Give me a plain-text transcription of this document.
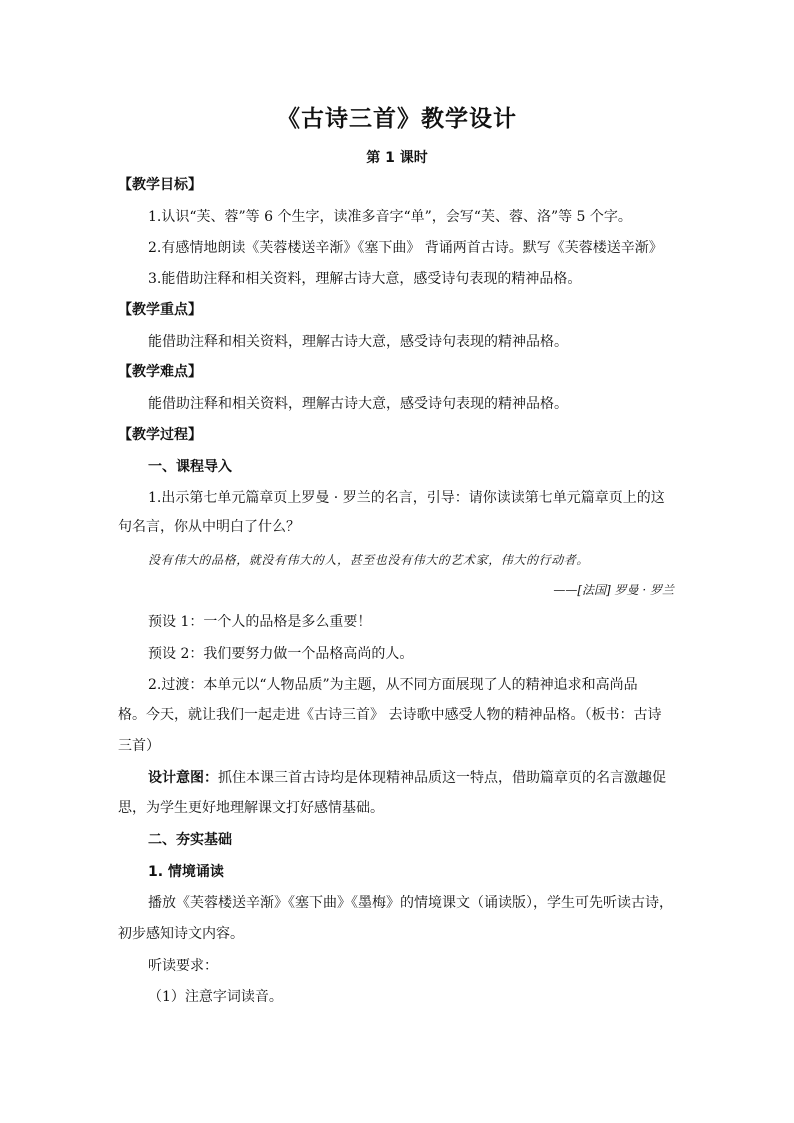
《古诗三首》教学设计
第 1 课时
【教学目标】
1.认识“芙、蓉”等 6 个生字，读准多音字“单”，会写“芙、蓉、洛”等 5 个字。
2.有感情地朗读《芙蓉楼送辛渐》《塞下曲》 背诵两首古诗。默写《芙蓉楼送辛渐》
3.能借助注释和相关资料，理解古诗大意，感受诗句表现的精神品格。
【教学重点】
能借助注释和相关资料，理解古诗大意，感受诗句表现的精神品格。
【教学难点】
能借助注释和相关资料，理解古诗大意，感受诗句表现的精神品格。
【教学过程】
一、课程导入
1.出示第七单元篇章页上罗曼 · 罗兰的名言，引导：请你读读第七单元篇章页上的这
句名言，你从中明白了什么？
没有伟大的品格，就没有伟大的人，甚至也没有伟大的艺术家，伟大的行动者。
——[法国] 罗曼 · 罗兰
预设 1：一个人的品格是多么重要！
预设 2：我们要努力做一个品格高尚的人。
2.过渡：本单元以“人物品质”为主题，从不同方面展现了人的精神追求和高尚品
格。今天，就让我们一起走进《古诗三首》 去诗歌中感受人物的精神品格。（板书：古诗
三首）
设计意图：抓住本课三首古诗均是体现精神品质这一特点，借助篇章页的名言激趣促
思，为学生更好地理解课文打好感情基础。
二、夯实基础
1. 情境诵读
播放《芙蓉楼送辛渐》《塞下曲》《墨梅》的情境课文（诵读版），学生可先听读古诗，
初步感知诗文内容。
听读要求：
（1）注意字词读音。
